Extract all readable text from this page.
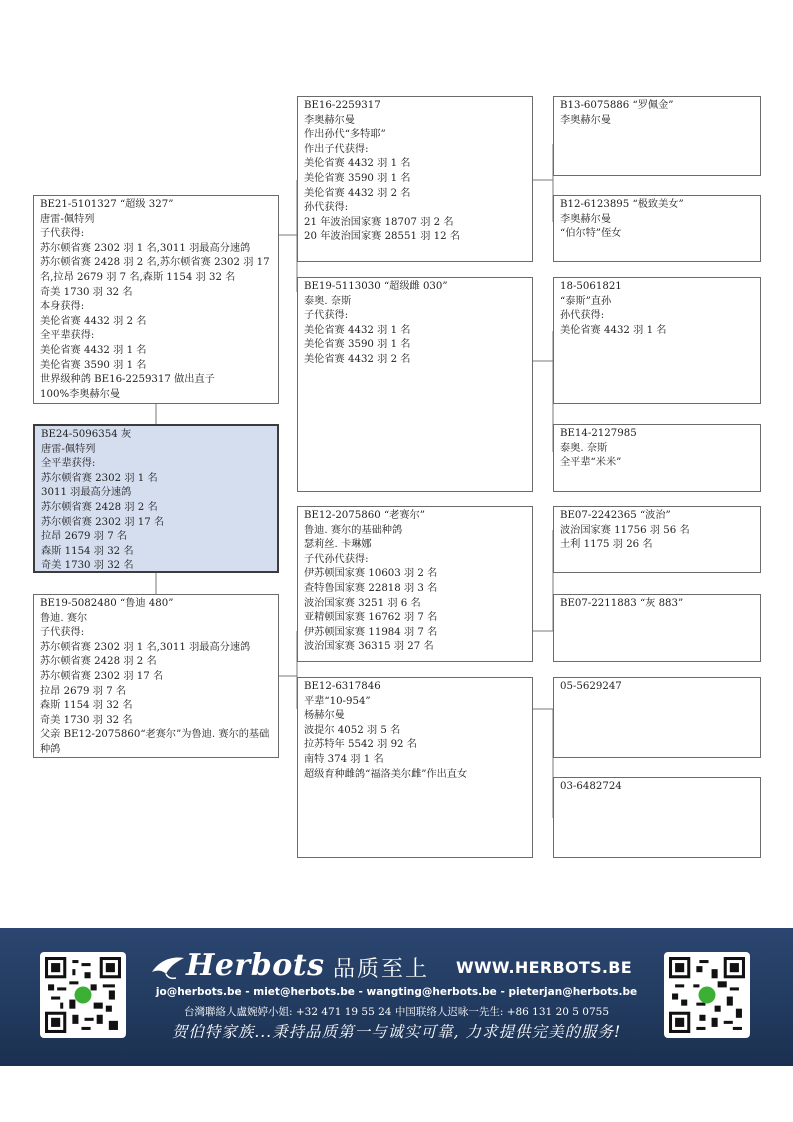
BE21-5101327 “超级 327”
唐雷-佩特列
子代获得:
苏尔顿省赛 2302 羽 1 名,3011 羽最高分速鸽
苏尔顿省赛 2428 羽 2 名,苏尔顿省赛 2302 羽 17 名,拉昂 2679 羽 7 名,森斯 1154 羽 32 名
奇美 1730 羽 32 名
本身获得:
美伦省赛 4432 羽 2 名
全平辈获得:
美伦省赛 4432 羽 1 名
美伦省赛 3590 羽 1 名
世界级种鸽 BE16-2259317 做出直子
100%李奥赫尔曼
BE24-5096354 灰
唐雷-佩特列
全平辈获得:
苏尔顿省赛 2302 羽 1 名
3011 羽最高分速鸽
苏尔顿省赛 2428 羽 2 名
苏尔顿省赛 2302 羽 17 名
拉昂 2679 羽 7 名
森斯 1154 羽 32 名
奇美 1730 羽 32 名
BE19-5082480 “鲁迪 480”
鲁迪. 赛尔
子代获得:
苏尔顿省赛 2302 羽 1 名,3011 羽最高分速鸽
苏尔顿省赛 2428 羽 2 名
苏尔顿省赛 2302 羽 17 名
拉昂 2679 羽 7 名
森斯 1154 羽 32 名
奇美 1730 羽 32 名
父亲 BE12-2075860“老赛尔”为鲁迪. 赛尔的基础种鸽
BE16-2259317
李奥赫尔曼
作出孙代“多特耶”
作出子代获得:
美伦省赛 4432 羽 1 名
美伦省赛 3590 羽 1 名
美伦省赛 4432 羽 2 名
孙代获得:
21 年波治国家赛 18707 羽 2 名
20 年波治国家赛 28551 羽 12 名
BE19-5113030 “超级雌 030”
泰奥. 奈斯
子代获得:
美伦省赛 4432 羽 1 名
美伦省赛 3590 羽 1 名
美伦省赛 4432 羽 2 名
BE12-2075860 “老赛尔”
鲁迪. 赛尔的基础种鸽
瑟莉丝. 卡琳娜
子代孙代获得:
伊苏顿国家赛 10603 羽 2 名
查特鲁国家赛 22818 羽 3 名
波治国家赛 3251 羽 6 名
亚精顿国家赛 16762 羽 7 名
伊苏顿国家赛 11984 羽 7 名
波治国家赛 36315 羽 27 名
BE12-6317846
平辈“10-954”
杨赫尔曼
波提尔 4052 羽 5 名
拉苏特年 5542 羽 92 名
南特 374 羽 1 名
超级育种雌鸽“福洛美尔雌”作出直女
B13-6075886 “罗佩金”
李奥赫尔曼
B12-6123895 “极致美女”
李奥赫尔曼
“伯尔特”侄女
18-5061821
“泰斯”直孙
孙代获得:
美伦省赛 4432 羽 1 名
BE14-2127985
泰奥. 奈斯
全平辈“米米”
BE07-2242365 “波治”
波治国家赛 11756 羽 56 名
土利 1175 羽 26 名
BE07-2211883 “灰 883”
05-5629247
03-6482724
Herbots 品质至上 WWW.HERBOTS.BE
jo@herbots.be - miet@herbots.be - wangting@herbots.be - pieterjan@herbots.be
台灣聯絡人盧婉婷小姐: +32 471 19 55 24 中国联络人迟咏一先生: +86 131 20 5 0755
贺伯特家族...秉持品质第一与诚实可靠, 力求提供完美的服务!
